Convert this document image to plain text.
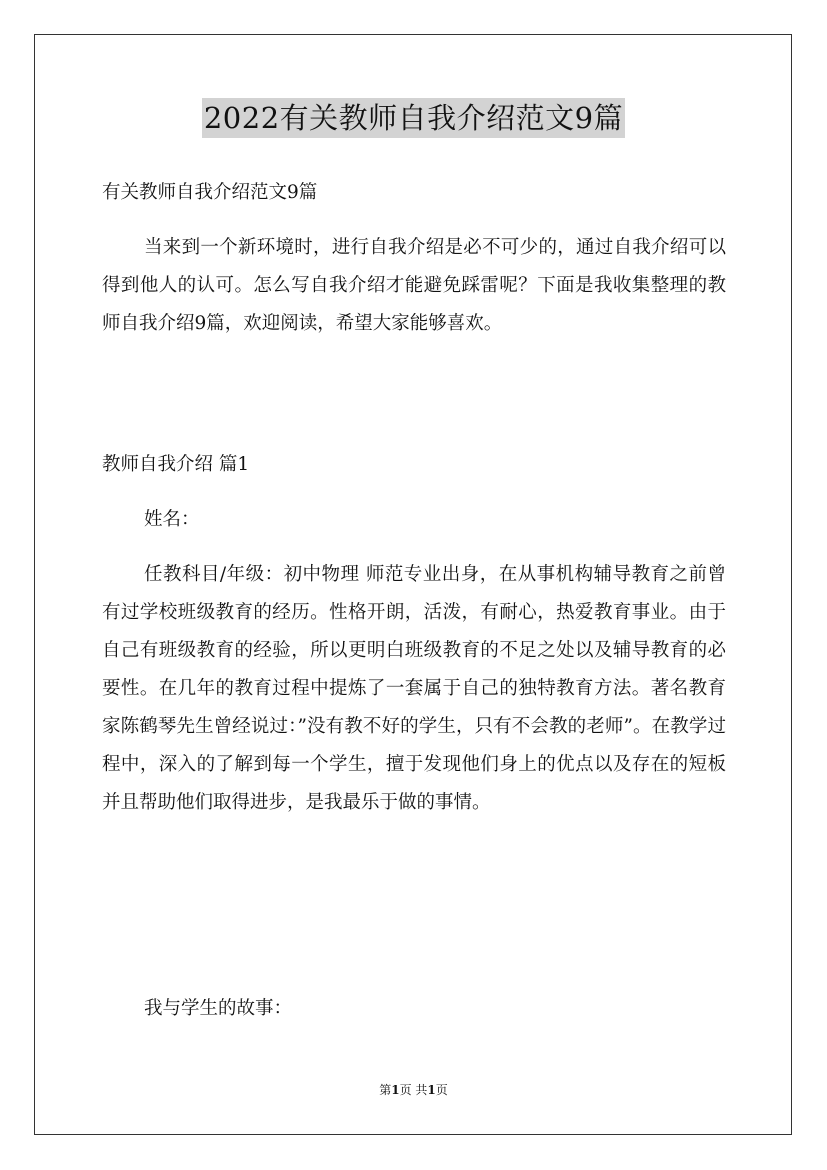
2022有关教师自我介绍范文9篇
有关教师自我介绍范文9篇
当来到一个新环境时，进行自我介绍是必不可少的，通过自我介绍可以得到他人的认可。怎么写自我介绍才能避免踩雷呢？下面是我收集整理的教师自我介绍9篇，欢迎阅读，希望大家能够喜欢。
教师自我介绍 篇1
姓名：
任教科目/年级：初中物理 师范专业出身，在从事机构辅导教育之前曾有过学校班级教育的经历。性格开朗，活泼，有耐心，热爱教育事业。由于自己有班级教育的经验，所以更明白班级教育的不足之处以及辅导教育的必要性。在几年的教育过程中提炼了一套属于自己的独特教育方法。著名教育家陈鹤琴先生曾经说过：”没有教不好的学生，只有不会教的老师”。在教学过程中，深入的了解到每一个学生，擅于发现他们身上的优点以及存在的短板并且帮助他们取得进步，是我最乐于做的事情。
我与学生的故事：
第1页 共1页
